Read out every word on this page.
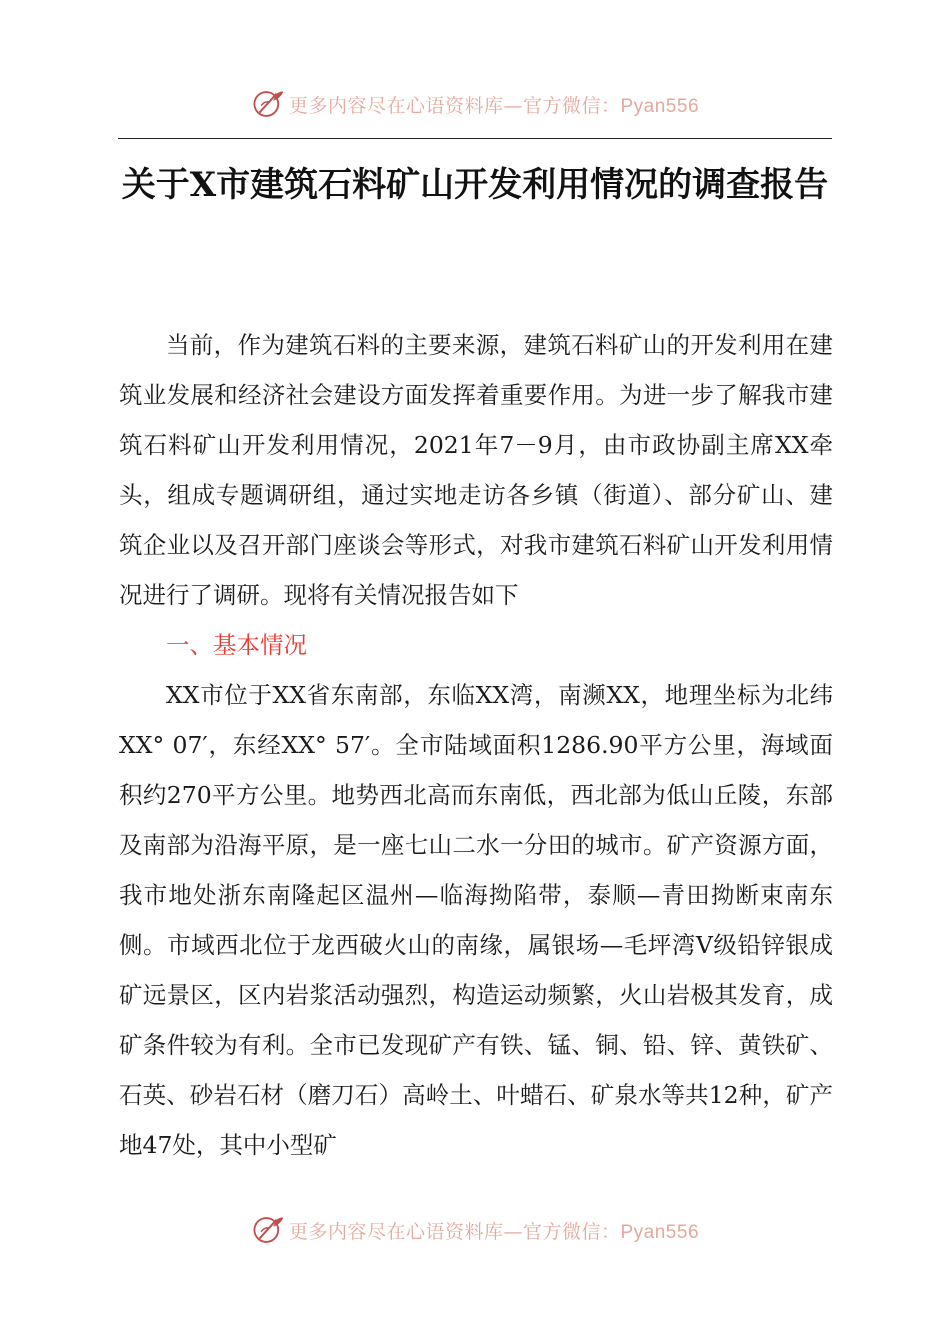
更多内容尽在心语资料库—官方微信：Pyan556
关于X市建筑石料矿山开发利用情况的调查报告

当前，作为建筑石料的主要来源，建筑石料矿山的开发利用在建筑业发展和经济社会建设方面发挥着重要作用。为进一步了解我市建筑石料矿山开发利用情况，2021年7－9月，由市政协副主席XX牵头，组成专题调研组，通过实地走访各乡镇（街道）、部分矿山、建筑企业以及召开部门座谈会等形式，对我市建筑石料矿山开发利用情况进行了调研。现将有关情况报告如下

一、基本情况

XX市位于XX省东南部，东临XX湾，南濒XX，地理坐标为北纬XX° 07′，东经XX° 57′。全市陆域面积1286.90平方公里，海域面积约270平方公里。地势西北高而东南低，西北部为低山丘陵，东部及南部为沿海平原，是一座七山二水一分田的城市。矿产资源方面，我市地处浙东南隆起区温州—临海拗陷带，泰顺—青田拗断束南东侧。市域西北位于龙西破火山的南缘，属银场—毛坪湾Ⅴ级铅锌银成矿远景区，区内岩浆活动强烈，构造运动频繁，火山岩极其发育，成矿条件较为有利。全市已发现矿产有铁、锰、铜、铅、锌、黄铁矿、石英、砂岩石材（磨刀石）高岭土、叶蜡石、矿泉水等共12种，矿产地47处，其中小型矿

更多内容尽在心语资料库—官方微信：Pyan556
